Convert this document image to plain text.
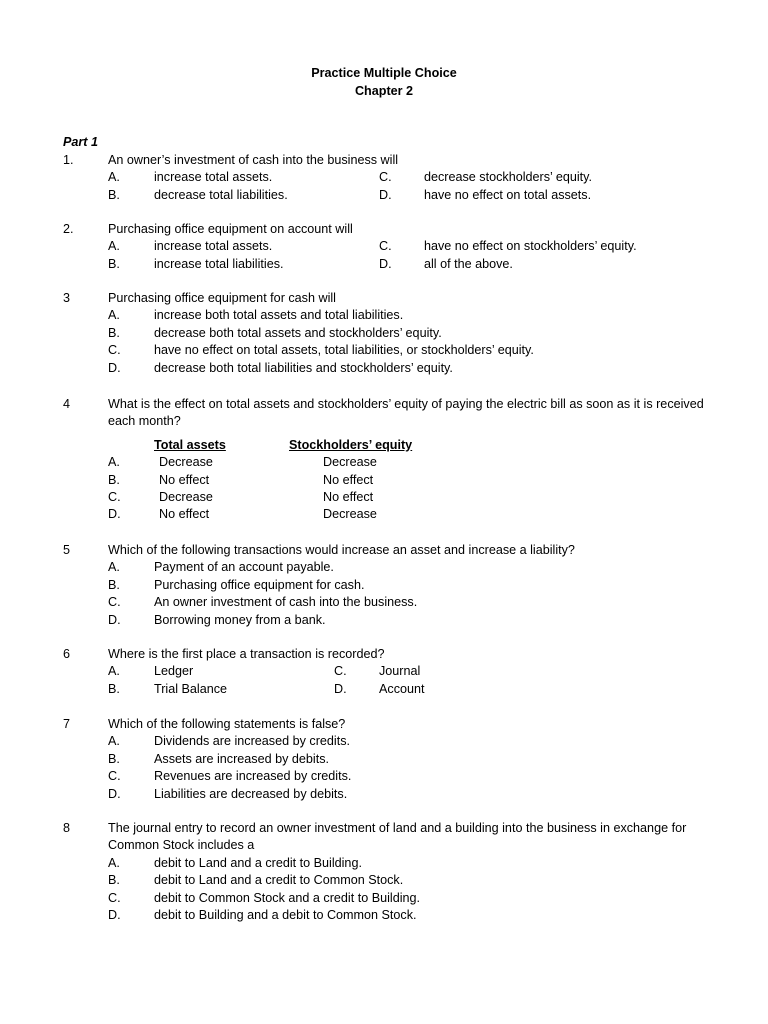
Practice Multiple Choice
Chapter 2
Part 1
1.	An owner’s investment of cash into the business will
A.	increase total assets.	C.	decrease stockholders’ equity.
B.	decrease total liabilities.	D.	have no effect on total assets.
2.	Purchasing office equipment on account will
A.	increase total assets.	C.	have no effect on stockholders’ equity.
B.	increase total liabilities.	D.	all of the above.
3	Purchasing office equipment for cash will
A.	increase both total assets and total liabilities.
B.	decrease both total assets and stockholders’ equity.
C.	have no effect on total assets, total liabilities, or stockholders’ equity.
D.	decrease both total liabilities and stockholders’ equity.
4	What is the effect on total assets and stockholders’ equity of paying the electric bill as soon as it is received each month?
Total assets	Stockholders’ equity
A.	Decrease	Decrease
B.	No effect	No effect
C.	Decrease	No effect
D.	No effect	Decrease
5	Which of the following transactions would increase an asset and increase a liability?
A.	Payment of an account payable.
B.	Purchasing office equipment for cash.
C.	An owner investment of cash into the business.
D.	Borrowing money from a bank.
6	Where is the first place a transaction is recorded?
A.	Ledger	C.	Journal
B.	Trial Balance	D.	Account
7	Which of the following statements is false?
A.	Dividends are increased by credits.
B.	Assets are increased by debits.
C.	Revenues are increased by credits.
D.	Liabilities are decreased by debits.
8	The journal entry to record an owner investment of land and a building into the business in exchange for Common Stock includes a
A.	debit to Land and a credit to Building.
B.	debit to Land and a credit to Common Stock.
C.	debit to Common Stock and a credit to Building.
D.	debit to Building and a debit to Common Stock.
